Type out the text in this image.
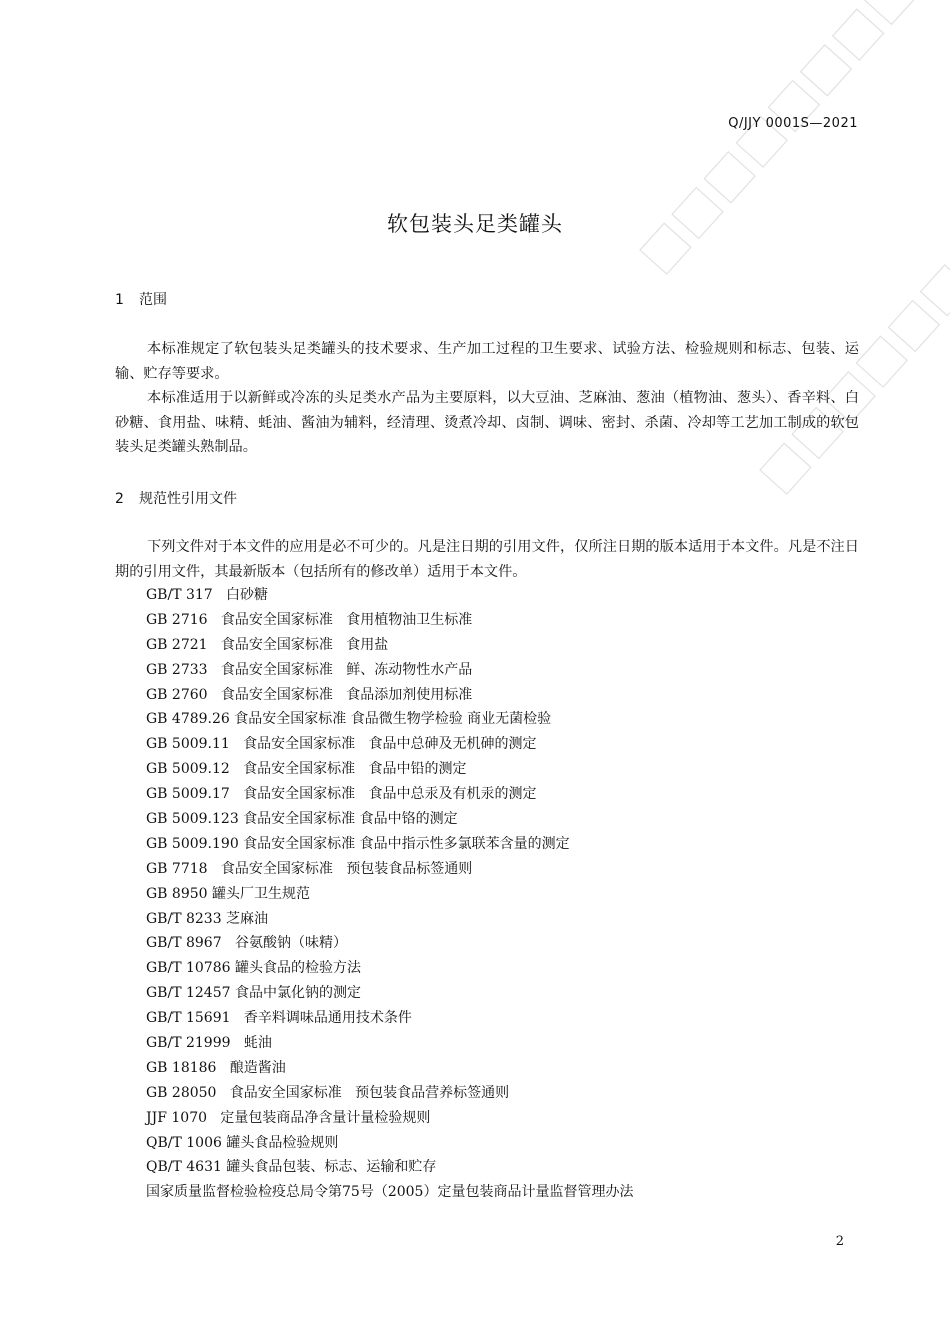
Q/JJY 0001S—2021
软包装头足类罐头
1 范围

本标准规定了软包装头足类罐头的技术要求、生产加工过程的卫生要求、试验方法、检验规则和标志、包装、运输、贮存等要求。

本标准适用于以新鲜或冷冻的头足类水产品为主要原料，以大豆油、芝麻油、葱油（植物油、葱头）、香辛料、白砂糖、食用盐、味精、蚝油、酱油为辅料，经清理、烫煮冷却、卤制、调味、密封、杀菌、冷却等工艺加工制成的软包装头足类罐头熟制品。

2 规范性引用文件

下列文件对于本文件的应用是必不可少的。凡是注日期的引用文件，仅所注日期的版本适用于本文件。凡是不注日期的引用文件，其最新版本（包括所有的修改单）适用于本文件。

GB/T 317   白砂糖
GB 2716   食品安全国家标准   食用植物油卫生标准
GB 2721   食品安全国家标准   食用盐
GB 2733   食品安全国家标准   鲜、冻动物性水产品
GB 2760   食品安全国家标准   食品添加剂使用标准
GB 4789.26 食品安全国家标准 食品微生物学检验 商业无菌检验
GB 5009.11   食品安全国家标准   食品中总砷及无机砷的测定
GB 5009.12   食品安全国家标准   食品中铅的测定
GB 5009.17   食品安全国家标准   食品中总汞及有机汞的测定
GB 5009.123 食品安全国家标准 食品中铬的测定
GB 5009.190 食品安全国家标准 食品中指示性多氯联苯含量的测定
GB 7718   食品安全国家标准   预包装食品标签通则
GB 8950 罐头厂卫生规范
GB/T 8233 芝麻油
GB/T 8967   谷氨酸钠（味精）
GB/T 10786 罐头食品的检验方法
GB/T 12457 食品中氯化钠的测定
GB/T 15691   香辛料调味品通用技术条件
GB/T 21999   蚝油
GB 18186   酿造酱油
GB 28050   食品安全国家标准   预包装食品营养标签通则
JJF 1070   定量包装商品净含量计量检验规则
QB/T 1006 罐头食品检验规则
QB/T 4631 罐头食品包装、标志、运输和贮存
国家质量监督检验检疫总局令第75号（2005）定量包装商品计量监督管理办法
2
